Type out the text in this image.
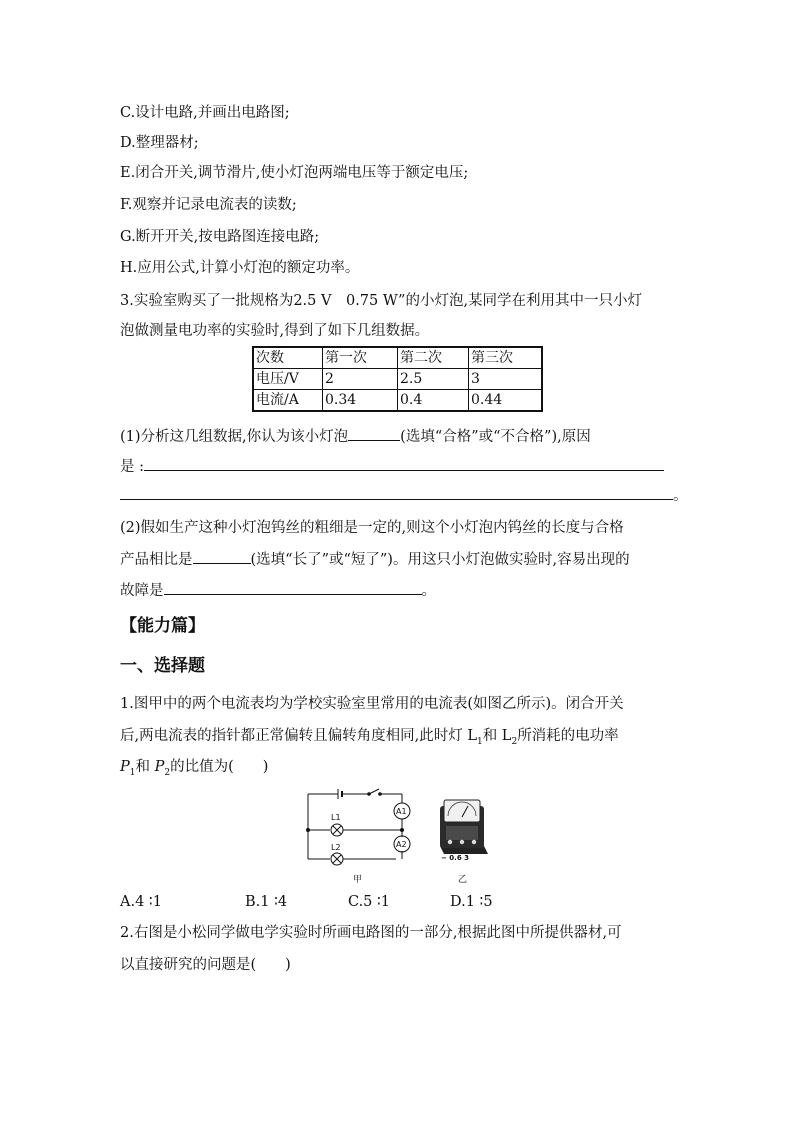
C.设计电路,并画出电路图;
D.整理器材;
E.闭合开关,调节滑片,使小灯泡两端电压等于额定电压;
F.观察并记录电流表的读数;
G.断开开关,按电路图连接电路;
H.应用公式,计算小灯泡的额定功率。
3.实验室购买了一批规格为2.5 V　0.75 W”的小灯泡,某同学在利用其中一只小灯
泡做测量电功率的实验时,得到了如下几组数据。
次数	第一次	第二次	第三次
电压/V	2	2.5	3
电流/A	0.34	0.4	0.44
(1)分析这几组数据,你认为该小灯泡	(选填“合格”或“不合格”),原因
是 :
。
(2)假如生产这种小灯泡钨丝的粗细是一定的,则这个小灯泡内钨丝的长度与合格
产品相比是	(选填“长了”或“短了”)。用这只小灯泡做实验时,容易出现的
故障是	。
【能力篇】
一、选择题
1.图甲中的两个电流表均为学校实验室里常用的电流表(如图乙所示)。闭合开关
后,两电流表的指针都正常偏转且偏转角度相同,此时灯 $L_1$和 $L_2$所消耗的电功率
$P_1$和 $P_2$的比值为(　　)
L1
L2
A1
A2
甲	乙
− 0.6 3
A.4 ∶1	B.1 ∶4	C.5 ∶1	D.1 ∶5
2.右图是小松同学做电学实验时所画电路图的一部分,根据此图中所提供器材,可
以直接研究的问题是(　　)
